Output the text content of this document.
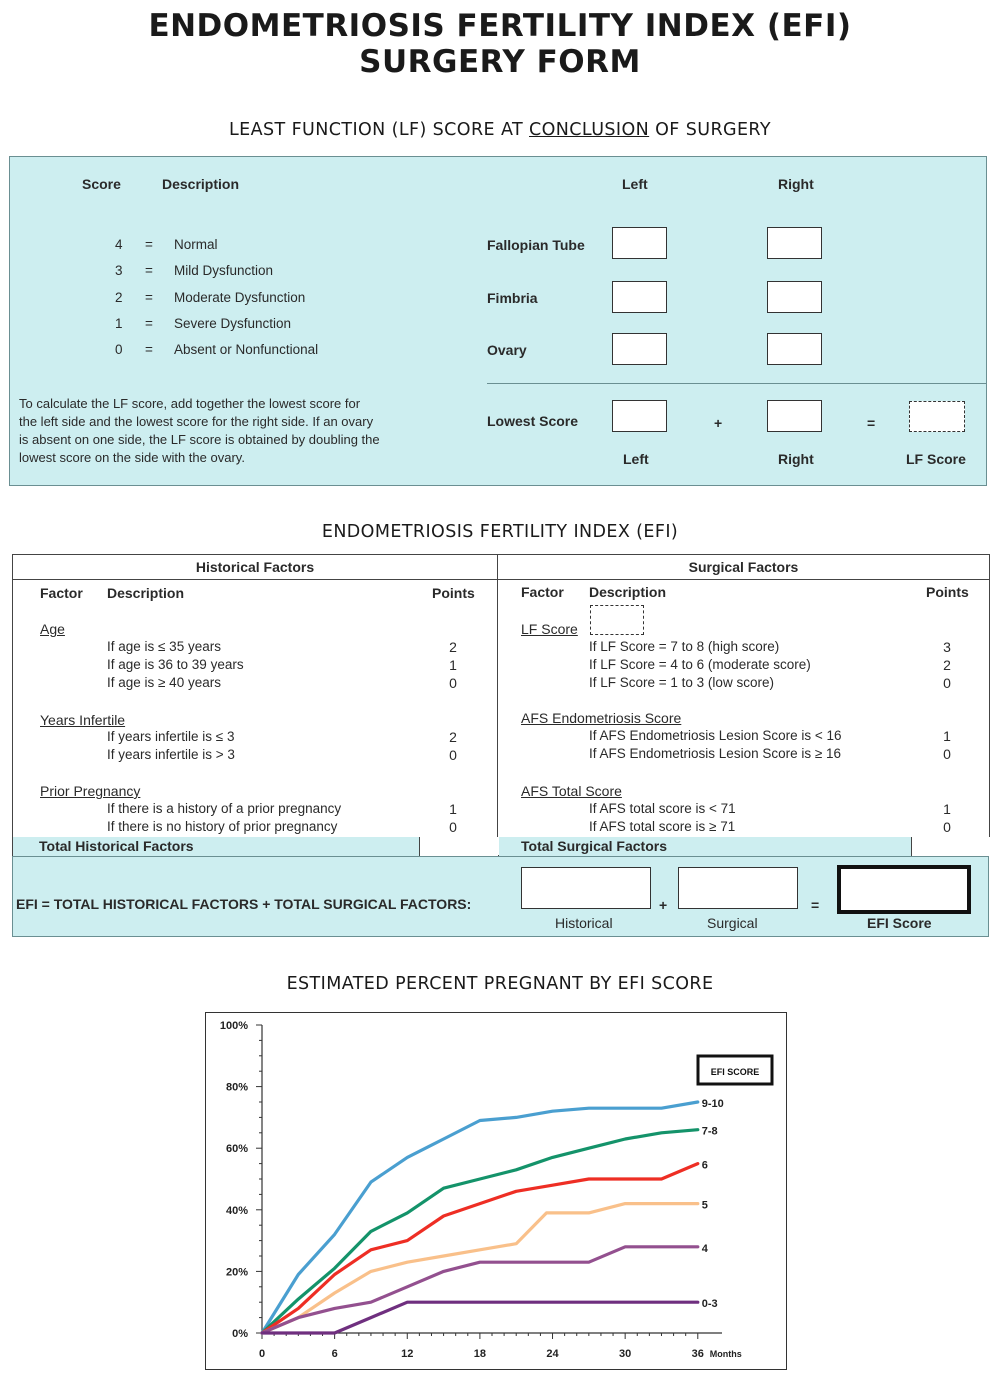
ENDOMETRIOSIS FERTILITY INDEX (EFI)
SURGERY FORM
LEAST FUNCTION (LF) SCORE AT CONCLUSION OF SURGERY
Score	Description	Left	Right
4 = Normal
3 = Mild Dysfunction
2 = Moderate Dysfunction
1 = Severe Dysfunction
0 = Absent or Nonfunctional
Fallopian Tube
Fimbria
Ovary
To calculate the LF score, add together the lowest score for
the left side and the lowest score for the right side. If an ovary
is absent on one side, the LF score is obtained by doubling the
lowest score on the side with the ovary.
Lowest Score	+	=
Left	Right	LF Score
ENDOMETRIOSIS FERTILITY INDEX (EFI)
Historical Factors
Factor Description	Points
Age
If age is ≤ 35 years	2
If age is 36 to 39 years	1
If age is ≥ 40 years	0
Years Infertile
If years infertile is ≤ 3	2
If years infertile is > 3	0
Prior Pregnancy
If there is a history of a prior pregnancy	1
If there is no history of prior pregnancy	0
Surgical Factors
Factor Description	Points
LF Score
If LF Score = 7 to 8 (high score)	3
If LF Score = 4 to 6 (moderate score)	2
If LF Score = 1 to 3 (low score)	0
AFS Endometriosis Score
If AFS Endometriosis Lesion Score is < 16	1
If AFS Endometriosis Lesion Score is ≥ 16	0
AFS Total Score
If AFS total score is < 71	1
If AFS total score is ≥ 71	0
Total Historical Factors	Total Surgical Factors
EFI = TOTAL HISTORICAL FACTORS + TOTAL SURGICAL FACTORS:	+	=
Historical	Surgical	EFI Score
ESTIMATED PERCENT PREGNANT BY EFI SCORE
0%
20%
40%
60%
80%
100%
0	6	12	18	24	30	36 Months
9-10
7-8
6
5
4
0-3
EFI SCORE
